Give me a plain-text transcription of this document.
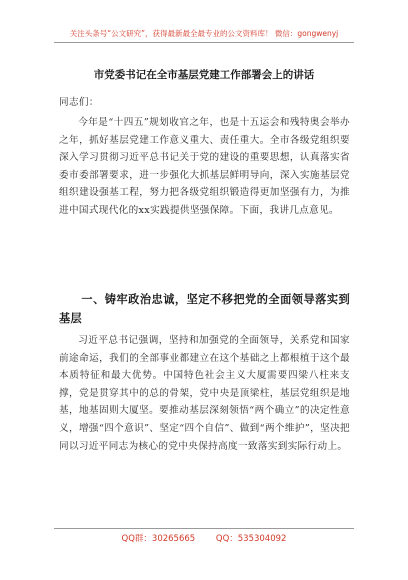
关注头条号“公文研究”，获得最新最全最专业的公文资料库！ 微信：gongwenyj
市党委书记在全市基层党建工作部署会上的讲话
同志们：
今年是“十四五”规划收官之年，也是十五运会和残特奥会举办之年，抓好基层党建工作意义重大、责任重大。全市各级党组织要深入学习贯彻习近平总书记关于党的建设的重要思想，认真落实省委市委部署要求，进一步强化大抓基层鲜明导向，深入实施基层党组织建设强基工程，努力把各级党组织锻造得更加坚强有力，为推进中国式现代化的xx实践提供坚强保障。下面，我讲几点意见。
一、铸牢政治忠诚，坚定不移把党的全面领导落实到基层
习近平总书记强调，坚持和加强党的全面领导，关系党和国家前途命运，我们的全部事业都建立在这个基础之上都根植于这个最本质特征和最大优势。中国特色社会主义大厦需要四梁八柱来支撑，党是贯穿其中的总的骨架，党中央是顶梁柱，基层党组织是地基，地基固则大厦坚。要推动基层深刻领悟“两个确立”的决定性意义，增强“四个意识”、坚定“四个自信”、做到“两个维护”，坚决把同以习近平同志为核心的党中央保持高度一致落实到实际行动上。
QQ群：30265665 QQ：535304092
